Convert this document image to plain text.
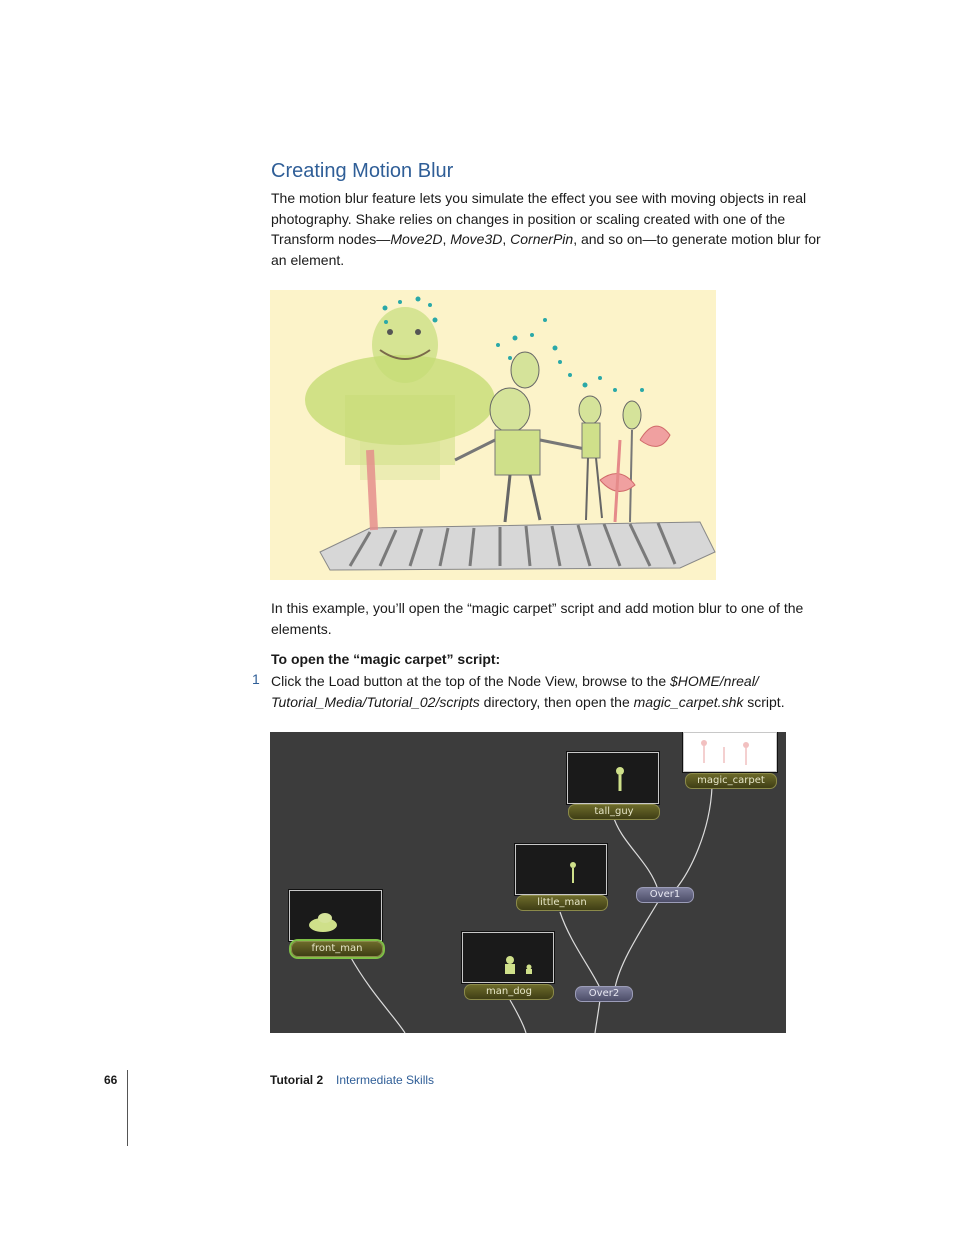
Creating Motion Blur

The motion blur feature lets you simulate the effect you see with moving objects in real photography. Shake relies on changes in position or scaling created with one of the Transform nodes—Move2D, Move3D, CornerPin, and so on—to generate motion blur for an element.

In this example, you’ll open the “magic carpet” script and add motion blur to one of the elements.

To open the “magic carpet” script:

1 Click the Load button at the top of the Node View, browse to the $HOME/nreal/ Tutorial_Media/Tutorial_02/scripts directory, then open the magic_carpet.shk script.

magic_carpet
tall_guy
little_man
Over1
front_man
man_dog	Over2
66	Tutorial 2 Intermediate Skills
